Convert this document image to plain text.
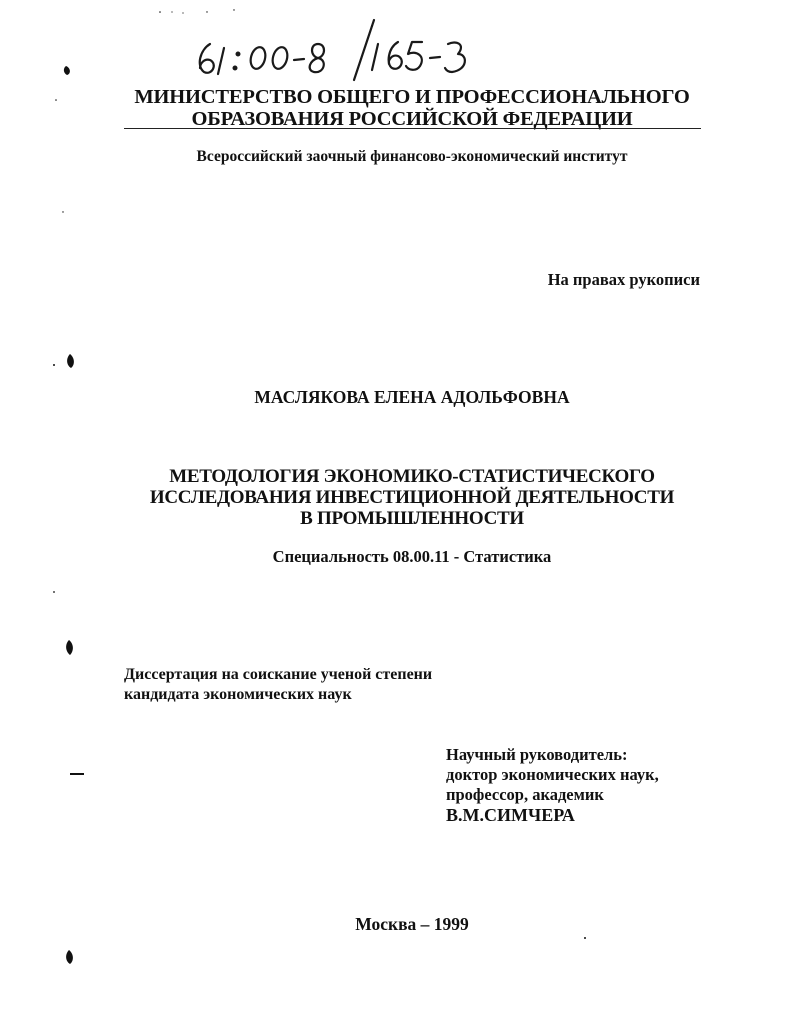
МИНИСТЕРСТВО ОБЩЕГО И ПРОФЕССИОНАЛЬНОГО
ОБРАЗОВАНИЯ РОССИЙСКОЙ ФЕДЕРАЦИИ
Всероссийский заочный финансово-экономический институт
На правах рукописи
МАСЛЯКОВА ЕЛЕНА АДОЛЬФОВНА
МЕТОДОЛОГИЯ ЭКОНОМИКО-СТАТИСТИЧЕСКОГО
ИССЛЕДОВАНИЯ ИНВЕСТИЦИОННОЙ ДЕЯТЕЛЬНОСТИ
В ПРОМЫШЛЕННОСТИ
Специальность 08.00.11 - Статистика
Диссертация на соискание ученой степени
кандидата экономических наук
Научный руководитель:
доктор экономических наук,
профессор, академик
В.М.СИМЧЕРА
Москва – 1999
